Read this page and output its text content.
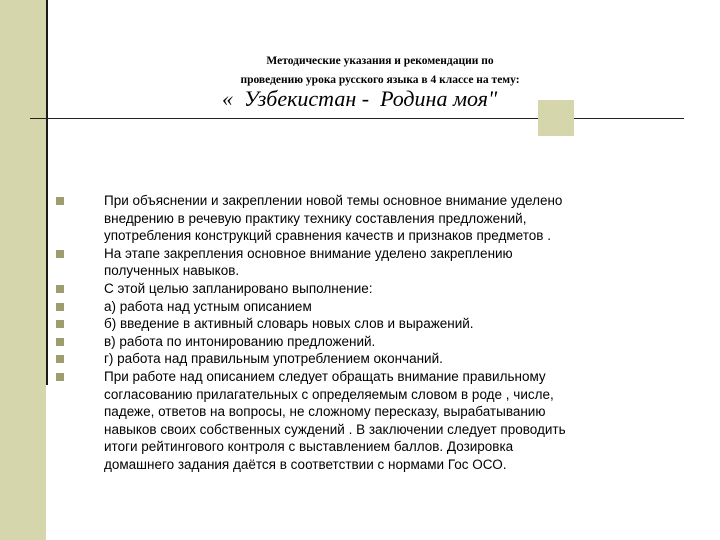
Методические указания и рекомендации по
проведению урока русского языка в 4 классе на тему:
«  Узбекистан -  Родина моя"
При объяснении и закреплении новой темы основное внимание уделено
внедрению в речевую практику технику составления предложений,
употребления конструкций сравнения качеств и признаков предметов .
На этапе закрепления основное внимание уделено закреплению
полученных навыков.
С этой целью запланировано выполнение:
а) работа над устным описанием
б) введение в активный словарь новых слов и выражений.
в) работа по интонированию предложений.
г) работа над правильным употреблением окончаний.
При работе над описанием следует обращать внимание правильному
согласованию прилагательных с определяемым словом в роде , числе,
падеже, ответов на вопросы, не сложному пересказу, вырабатыванию
навыков своих собственных суждений . В заключении следует проводить
итоги рейтингового контроля с выставлением баллов. Дозировка
домашнего задания даётся в соответствии с нормами Гос ОСО.
